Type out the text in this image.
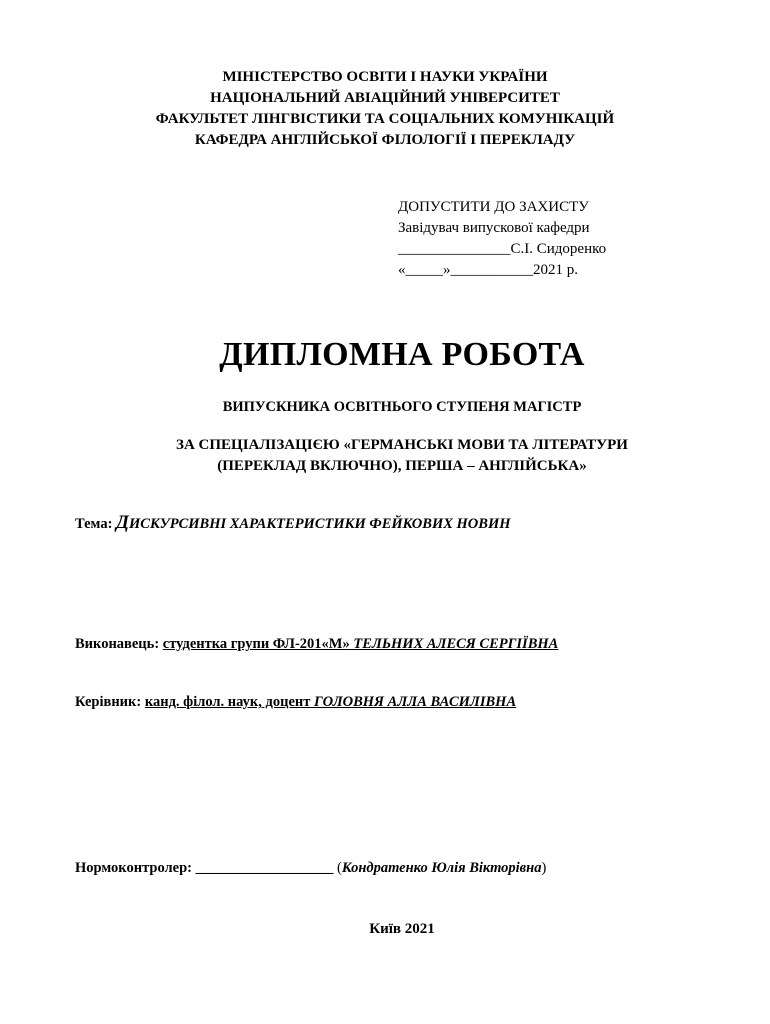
МІНІСТЕРСТВО ОСВІТИ І НАУКИ УКРАЇНИ
НАЦІОНАЛЬНИЙ АВІАЦІЙНИЙ УНІВЕРСИТЕТ
ФАКУЛЬТЕТ ЛІНГВІСТИКИ ТА СОЦІАЛЬНИХ КОМУНІКАЦІЙ
КАФЕДРА АНГЛІЙСЬКОЇ ФІЛОЛОГІЇ І ПЕРЕКЛАДУ
ДОПУСТИТИ ДО ЗАХИСТУ
Завідувач випускової кафедри
_______________С.І. Сидоренко
«_____»___________2021 р.
ДИПЛОМНА РОБОТА
ВИПУСКНИКА ОСВІТНЬОГО СТУПЕНЯ МАГІСТР
ЗА СПЕЦІАЛІЗАЦІЄЮ «ГЕРМАНСЬКІ МОВИ ТА ЛІТЕРАТУРИ
(ПЕРЕКЛАД ВКЛЮЧНО), ПЕРША – АНГЛІЙСЬКА»
Тема: ДИСКУРСИВНІ ХАРАКТЕРИСТИКИ ФЕЙКОВИХ НОВИН
Виконавець: студентка групи ФЛ-201«М» ТЕЛЬНИХ АЛЕСЯ СЕРГІЇВНА
Керівник: канд. філол. наук, доцент ГОЛОВНЯ АЛЛА ВАСИЛІВНА
Нормоконтролер: ___________________ (Кондратенко Юлія Вікторівна)
Київ 2021
